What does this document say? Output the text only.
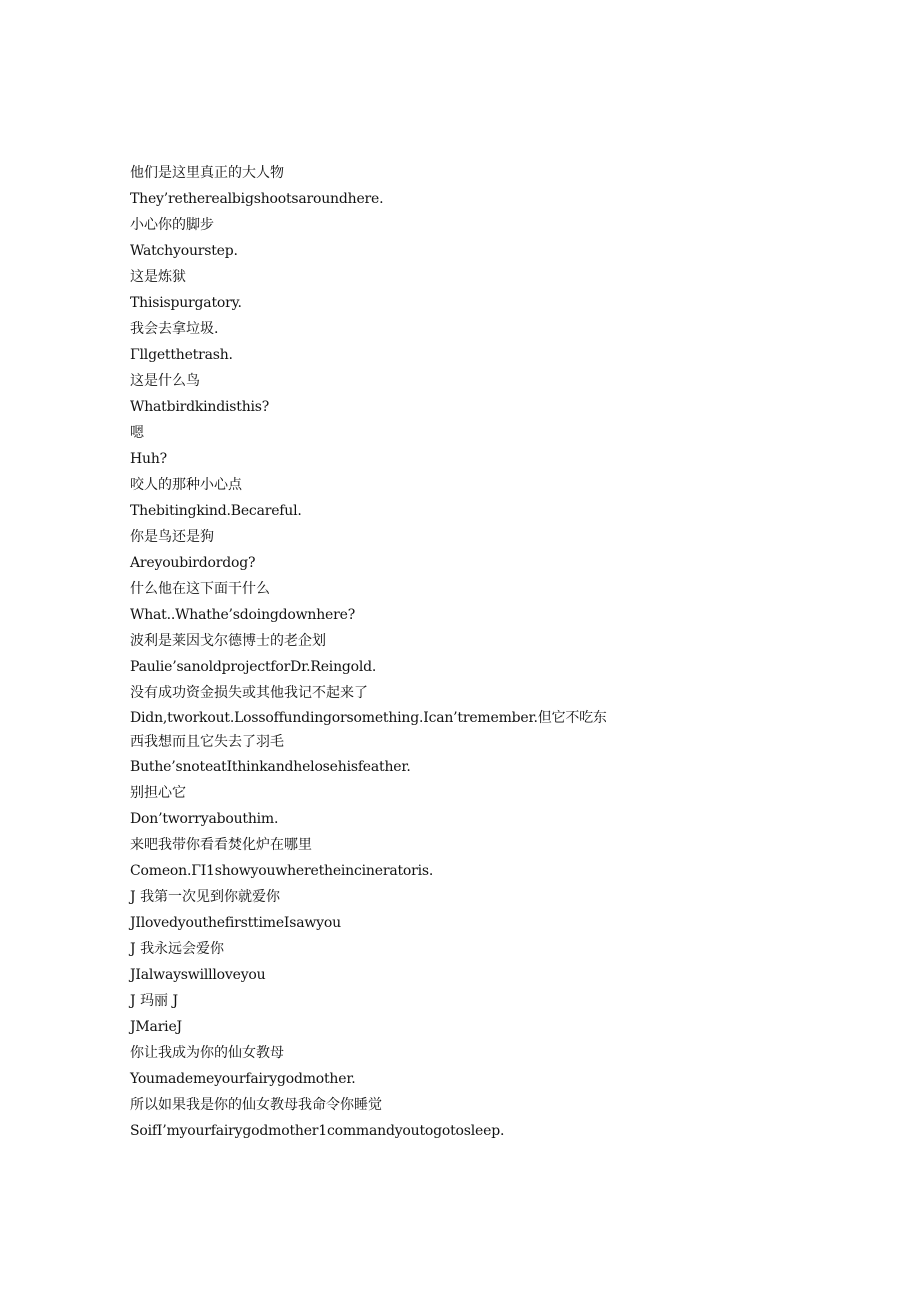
他们是这里真正的大人物
They’retherealbigshootsaroundhere.
小心你的脚步
Watchyourstep.
这是炼狱
Thisispurgatory.
我会去拿垃圾.
Γllgetthetrash.
这是什么鸟
Whatbirdkindisthis?
嗯
Huh?
咬人的那种小心点
Thebitingkind.Becareful.
你是鸟还是狗
Areyoubirdordog?
什么他在这下面干什么
What..Whathe’sdoingdownhere?
波利是莱因戈尔德博士的老企划
Paulie’sanoldprojectforDr.Reingold.
没有成功资金损失或其他我记不起来了
Didn,tworkout.Lossoffundingorsomething.Ican’tremember.但它不吃东
西我想而且它失去了羽毛
Buthe’snoteatIthinkandhelosehisfeather.
别担心它
Don’tworryabouthim.
来吧我带你看看焚化炉在哪里
Comeon.ΓI1showyouwheretheincineratoris.
J 我第一次见到你就爱你
JIlovedyouthefirsttimeIsawyou
J 我永远会爱你
JIalwayswillloveyou
J 玛丽 J
JMarieJ
你让我成为你的仙女教母
Youmademeyourfairygodmother.
所以如果我是你的仙女教母我命令你睡觉
SoifI’myourfairygodmother1commandyoutogotosleep.
